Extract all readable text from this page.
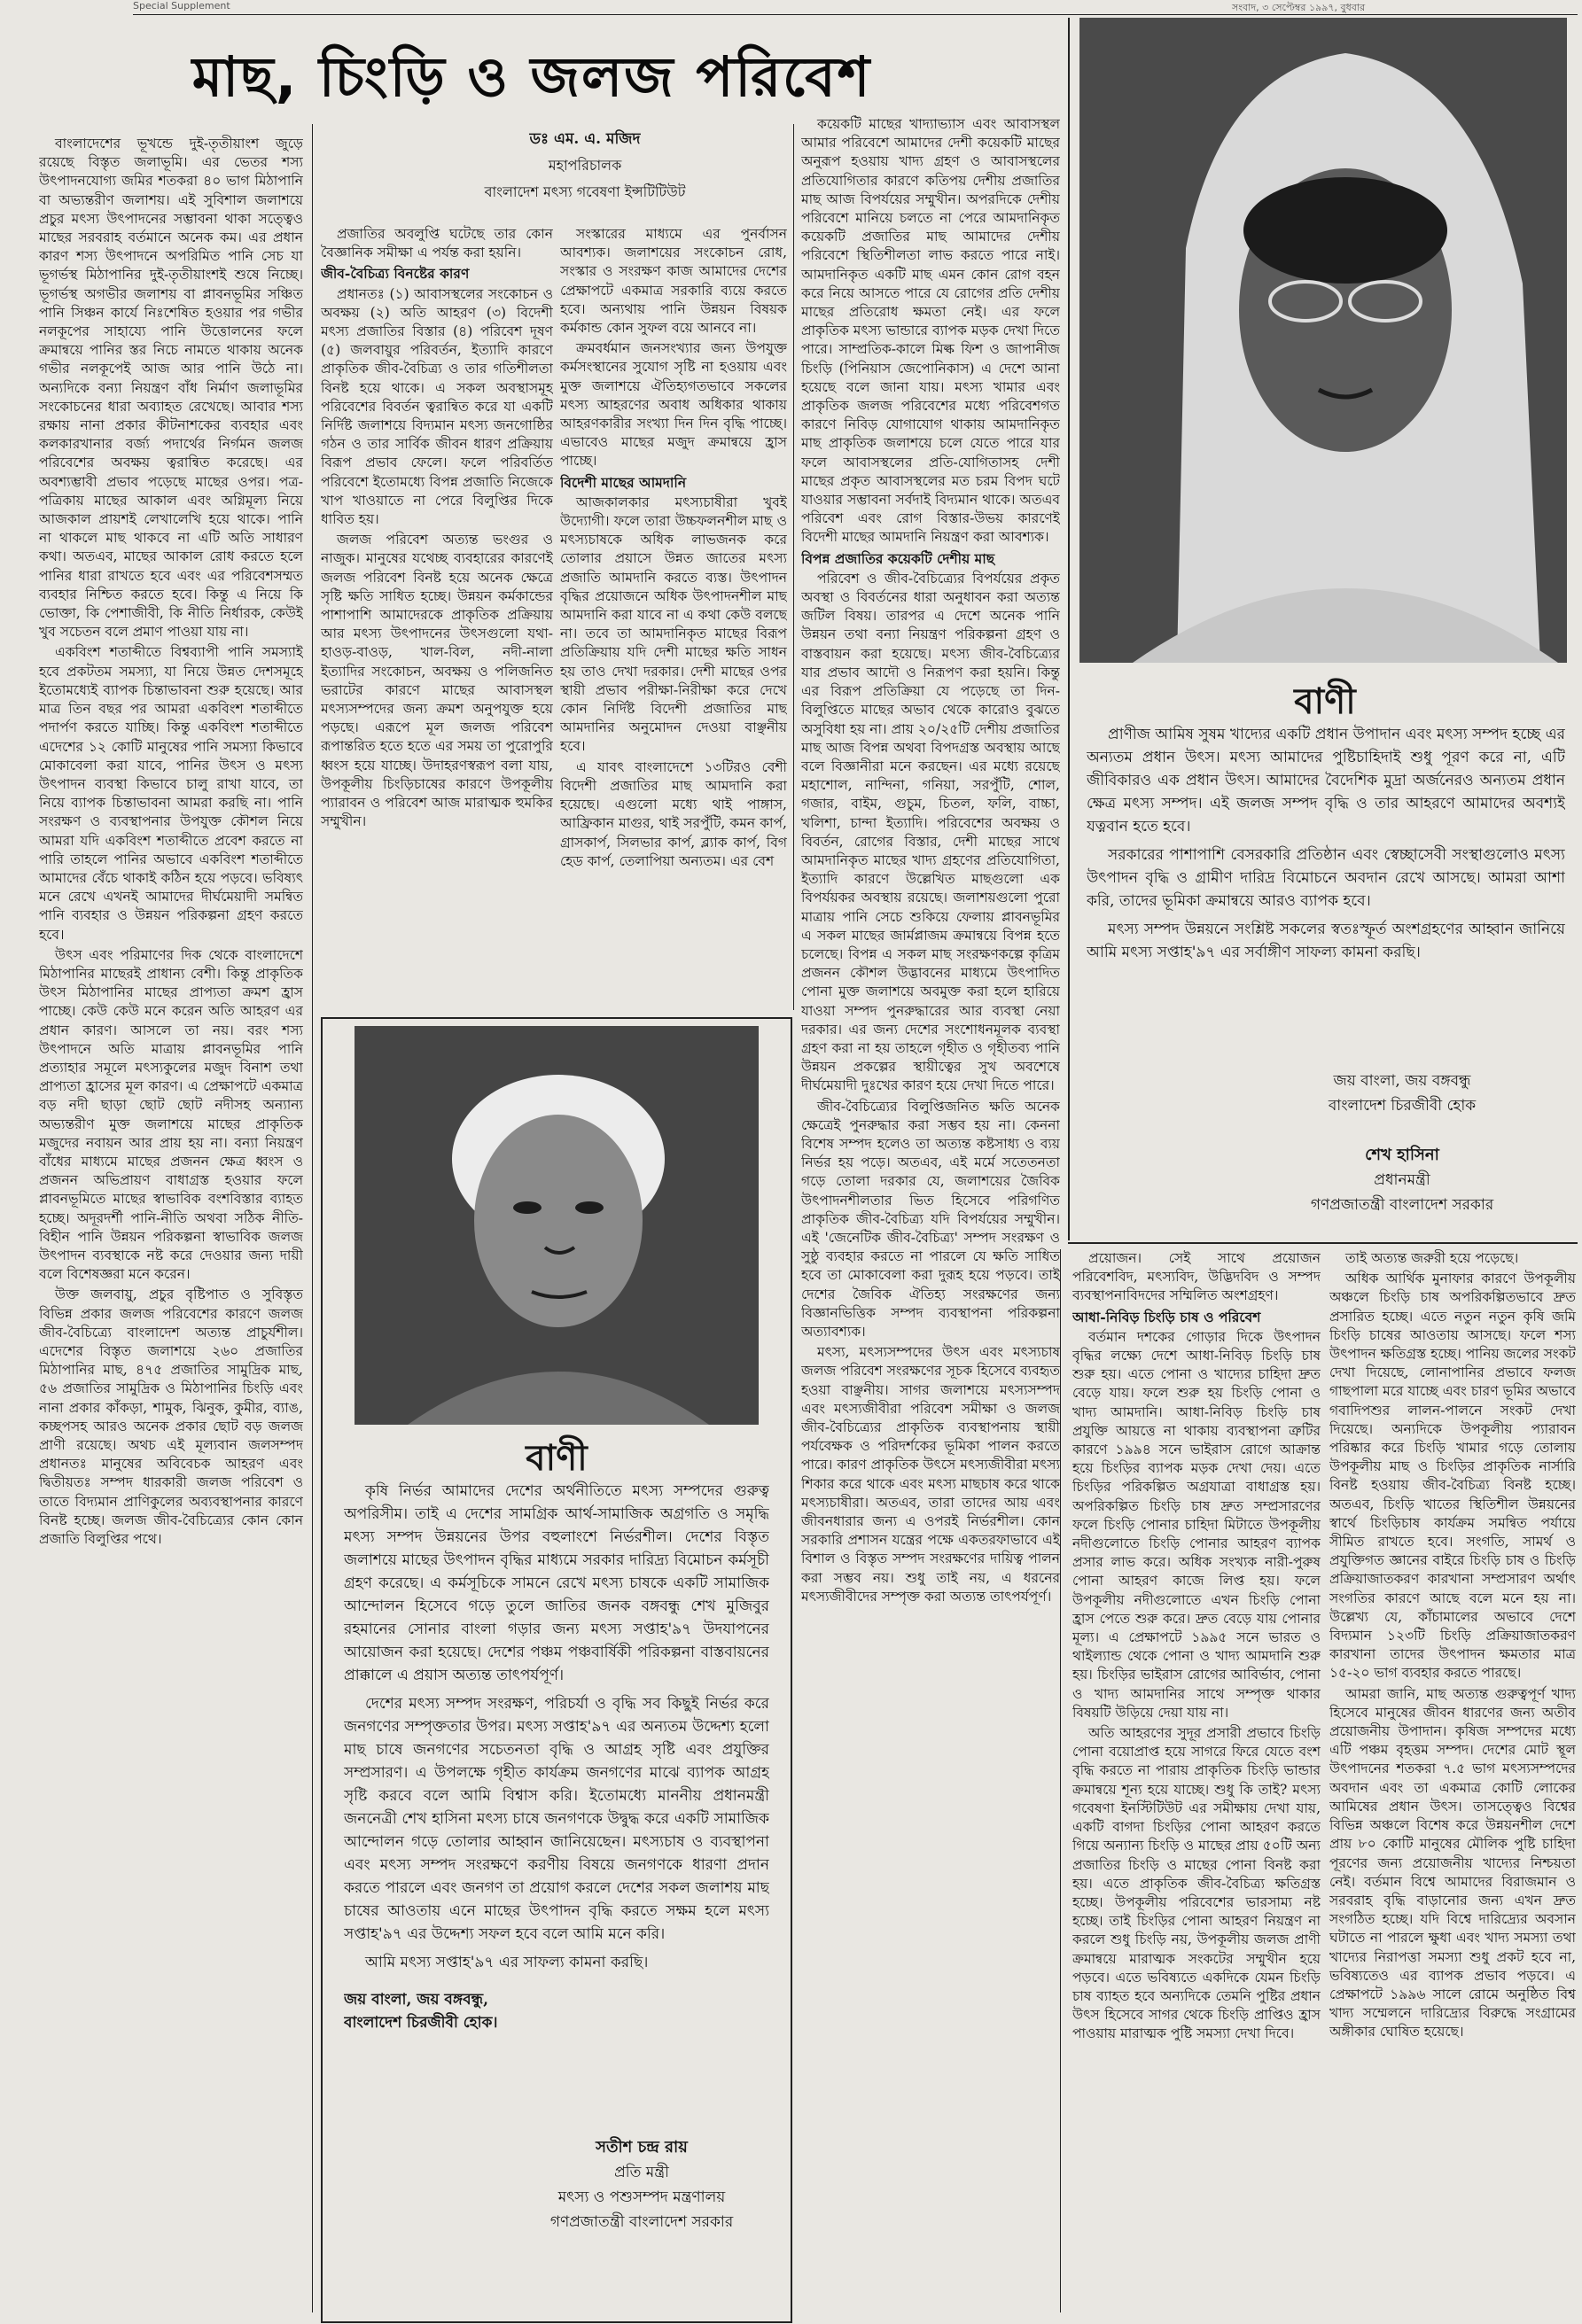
Special Supplement	সংবাদ, ৩ সেপ্টেম্বর ১৯৯৭, বুধবার
মাছ, চিংড়ি ও জলজ পরিবেশ
ডঃ এম. এ. মজিদ
মহাপরিচালক
বাংলাদেশ মৎস্য গবেষণা ইন্সটিটিউট

বাংলাদেশের ভূখন্ডে দুই-তৃতীয়াংশ জুড়ে রয়েছে বিস্তৃত জলাভূমি। এর ভেতর শস্য উৎপাদনযোগ্য জমির শতকরা ৪০ ভাগ মিঠাপানি বা অভ্যন্তরীণ জলাশয়। এই সুবিশাল জলাশয়ে প্রচুর মৎস্য উৎপাদনের সম্ভাবনা থাকা সত্ত্বেও মাছের সরবরাহ বর্তমানে অনেক কম। এর প্রধান কারণ শস্য উৎপাদনে অপরিমিত পানি সেচ যা ভূগর্ভস্থ মিঠাপানির দুই-তৃতীয়াংশই শুষে নিচ্ছে। ভূগর্ভস্থ অগভীর জলাশয় বা প্লাবনভূমির সঞ্চিত পানি সিঞ্চন কার্যে নিঃশেষিত হওয়ার পর গভীর নলকূপের সাহায্যে পানি উত্তোলনের ফলে ক্রমান্বয়ে পানির স্তর নিচে নামতে থাকায় অনেক গভীর নলকূপেই আজ আর পানি উঠে না। অন্যদিকে বন্যা নিয়ন্ত্রণ বাঁধ নির্মাণ জলাভূমির সংকোচনের ধারা অব্যাহত রেখেছে। আবার শস্য রক্ষায় নানা প্রকার কীটনাশকের ব্যবহার এবং কলকারখানার বর্জ্য পদার্থের নির্গমন জলজ পরিবেশের অবক্ষয় ত্বরান্বিত করেছে। এর অবশ্যম্ভাবী প্রভাব পড়েছে মাছের ওপর। পত্র-পত্রিকায় মাছের আকাল এবং অগ্নিমূল্য নিয়ে আজকাল প্রায়শই লেখালেখি হয়ে থাকে। পানি না থাকলে মাছ থাকবে না এটি অতি সাধারণ কথা। অতএব, মাছের আকাল রোধ করতে হলে পানির ধারা রাখতে হবে এবং এর পরিবেশসম্মত ব্যবহার নিশ্চিত করতে হবে। কিন্তু এ নিয়ে কি ভোক্তা, কি পেশাজীবী, কি নীতি নির্ধারক, কেউই খুব সচেতন বলে প্রমাণ পাওয়া যায় না।

একবিংশ শতাব্দীতে বিশ্বব্যাপী পানি সমস্যাই হবে প্রকটতম সমস্যা, যা নিয়ে উন্নত দেশসমূহে ইতোমধ্যেই ব্যাপক চিন্তাভাবনা শুরু হয়েছে। আর মাত্র তিন বছর পর আমরা একবিংশ শতাব্দীতে পদার্পণ করতে যাচ্ছি। কিন্তু একবিংশ শতাব্দীতে এদেশের ১২ কোটি মানুষের পানি সমস্যা কিভাবে মোকাবেলা করা যাবে, পানির উৎস ও মৎস্য উৎপাদন ব্যবস্থা কিভাবে চালু রাখা যাবে, তা নিয়ে ব্যাপক চিন্তাভাবনা আমরা করছি না। পানি সংরক্ষণ ও ব্যবস্থাপনার উপযুক্ত কৌশল নিয়ে আমরা যদি একবিংশ শতাব্দীতে প্রবেশ করতে না পারি তাহলে পানির অভাবে একবিংশ শতাব্দীতে আমাদের বেঁচে থাকাই কঠিন হয়ে পড়বে। ভবিষ্যৎ মনে রেখে এখনই আমাদের দীর্ঘমেয়াদী সমন্বিত পানি ব্যবহার ও উন্নয়ন পরিকল্পনা গ্রহণ করতে হবে।

উৎস এবং পরিমাণের দিক থেকে বাংলাদেশে মিঠাপানির মাছেরই প্রাধান্য বেশী। কিন্তু প্রাকৃতিক উৎস মিঠাপানির মাছের প্রাপ্যতা ক্রমশ হ্রাস পাচ্ছে। কেউ কেউ মনে করেন অতি আহরণ এর প্রধান কারণ। আসলে তা নয়। বরং শস্য উৎপাদনে অতি মাত্রায় প্লাবনভূমির পানি প্রত্যাহার সমূলে মৎস্যকুলের মজুদ বিনাশ তথা প্রাপ্যতা হ্রাসের মূল কারণ। এ প্রেক্ষাপটে একমাত্র বড় নদী ছাড়া ছোট ছোট নদীসহ অন্যান্য অভ্যন্তরীণ মুক্ত জলাশয়ে মাছের প্রাকৃতিক মজুদের নবায়ন আর প্রায় হয় না। বন্যা নিয়ন্ত্রণ বাঁধের মাধ্যমে মাছের প্রজনন ক্ষেত্র ধ্বংস ও প্রজনন অভিপ্রায়ণ বাধাগ্রস্ত হওয়ার ফলে প্লাবনভূমিতে মাছের স্বাভাবিক বংশবিস্তার ব্যাহত হচ্ছে। অদূরদর্শী পানি-নীতি অথবা সঠিক নীতি-বিহীন পানি উন্নয়ন পরিকল্পনা স্বাভাবিক জলজ উৎপাদন ব্যবস্থাকে নষ্ট করে দেওয়ার জন্য দায়ী বলে বিশেষজ্ঞরা মনে করেন।

উক্ত জলবায়ু, প্রচুর বৃষ্টিপাত ও সুবিস্তৃত বিভিন্ন প্রকার জলজ পরিবেশের কারণে জলজ জীব-বৈচিত্র্যে বাংলাদেশ অত্যন্ত প্রাচুর্যশীল। এদেশের বিস্তৃত জলাশয়ে ২৬০ প্রজাতির মিঠাপানির মাছ, ৪৭৫ প্রজাতির সামুদ্রিক মাছ, ৫৬ প্রজাতির সামুদ্রিক ও মিঠাপানির চিংড়ি এবং নানা প্রকার কাঁকড়া, শামুক, ঝিনুক, কুমীর, ব্যাঙ, কচ্ছপসহ আরও অনেক প্রকার ছোট বড় জলজ প্রাণী রয়েছে। অথচ এই মূল্যবান জলসম্পদ প্রধানতঃ মানুষের অবিবেচক আহরণ এবং দ্বিতীয়তঃ সম্পদ ধারকারী জলজ পরিবেশ ও তাতে বিদ্যমান প্রাণিকুলের অব্যবস্থাপনার কারণে বিনষ্ট হচ্ছে। জলজ জীব-বৈচিত্র্যের কোন কোন প্রজাতি বিলুপ্তির পথে।

প্রজাতির অবলুপ্তি ঘটেছে তার কোন বৈজ্ঞানিক সমীক্ষা এ পর্যন্ত করা হয়নি।

জীব-বৈচিত্র্য বিনষ্টের কারণ

প্রধানতঃ (১) আবাসস্থলের সংকোচন ও অবক্ষয় (২) অতি আহরণ (৩) বিদেশী মৎস্য প্রজাতির বিস্তার (৪) পরিবেশ দূষণ (৫) জলবায়ুর পরিবর্তন, ইত্যাদি কারণে প্রাকৃতিক জীব-বৈচিত্র্য ও তার গতিশীলতা বিনষ্ট হয়ে থাকে। এ সকল অবস্থাসমূহ পরিবেশের বিবর্তন ত্বরান্বিত করে যা একটি নির্দিষ্ট জলাশয়ে বিদ্যমান মৎস্য জনগোষ্ঠির গঠন ও তার সার্বিক জীবন ধারণ প্রক্রিয়ায় বিরূপ প্রভাব ফেলে। ফলে পরিবর্তিত পরিবেশে ইতোমধ্যে বিপন্ন প্রজাতি নিজেকে খাপ খাওয়াতে না পেরে বিলুপ্তির দিকে ধাবিত হয়।

জলজ পরিবেশ অত্যন্ত ভংগুর ও নাজুক। মানুষের যথেচ্ছ ব্যবহারের কারণেই জলজ পরিবেশ বিনষ্ট হয়ে অনেক ক্ষেত্রে সৃষ্টি ক্ষতি সাধিত হচ্ছে। উন্নয়ন কর্মকান্ডের পাশাপাশি আমাদেরকে প্রাকৃতিক প্রক্রিয়ায় আর মৎস্য উৎপাদনের উৎসগুলো যথা-হাওড়-বাওড়, খাল-বিল, নদী-নালা ইত্যাদির সংকোচন, অবক্ষয় ও পলিজনিত ভরাটের কারণে মাছের আবাসস্থল মৎস্যসম্পদের জন্য ক্রমশ অনুপযুক্ত হয়ে পড়ছে। এরূপে মূল জলজ পরিবেশ রূপান্তরিত হতে হতে এর সময় তা পুরোপুরি ধ্বংস হয়ে যাচ্ছে। উদাহরণস্বরূপ বলা যায়, উপকূলীয় চিংড়িচাষের কারণে উপকূলীয় প্যারাবন ও পরিবেশ আজ মারাত্মক হুমকির সম্মুখীন।

সংস্কারের মাধ্যমে এর পুনর্বাসন আবশ্যক। জলাশয়ের সংকোচন রোধ, সংস্কার ও সংরক্ষণ কাজ আমাদের দেশের প্রেক্ষাপটে একমাত্র সরকারি ব্যয়ে করতে হবে। অন্যথায় পানি উন্নয়ন বিষয়ক কর্মকান্ড কোন সুফল বয়ে আনবে না।

ক্রমবর্ধমান জনসংখ্যার জন্য উপযুক্ত কর্মসংস্থানের সুযোগ সৃষ্টি না হওয়ায় এবং মুক্ত জলাশয়ে ঐতিহ্যগতভাবে সকলের মৎস্য আহরণের অবাধ অধিকার থাকায় আহরণকারীর সংখ্যা দিন দিন বৃদ্ধি পাচ্ছে। এভাবেও মাছের মজুদ ক্রমান্বয়ে হ্রাস পাচ্ছে।

বিদেশী মাছের আমদানি

আজকালকার মৎস্যচাষীরা খুবই উদ্যোগী। ফলে তারা উচ্চফলনশীল মাছ ও মৎস্যচাষকে অধিক লাভজনক করে তোলার প্রয়াসে উন্নত জাতের মৎস্য প্রজাতি আমদানি করতে ব্যস্ত। উৎপাদন বৃদ্ধির প্রয়োজনে অধিক উৎপাদনশীল মাছ আমদানি করা যাবে না এ কথা কেউ বলছে না। তবে তা আমদানিকৃত মাছের বিরূপ প্রতিক্রিয়ায় যদি দেশী মাছের ক্ষতি সাধন হয় তাও দেখা দরকার। দেশী মাছের ওপর স্থায়ী প্রভাব পরীক্ষা-নিরীক্ষা করে দেখে কোন নির্দিষ্ট বিদেশী প্রজাতির মাছ আমদানির অনুমোদন দেওয়া বাঞ্ছনীয় হবে।

এ যাবৎ বাংলাদেশে ১৩টিরও বেশী বিদেশী প্রজাতির মাছ আমদানি করা হয়েছে। এগুলো মধ্যে থাই পাঙ্গাস, আফ্রিকান মাগুর, থাই সরপুঁটি, কমন কার্প, গ্রাসকার্প, সিলভার কার্প, ব্ল্যাক কার্প, বিগ হেড কার্প, তেলাপিয়া অন্যতম। এর বেশ

কয়েকটি মাছের খাদ্যাভ্যাস এবং আবাসস্থল আমার পরিবেশে আমাদের দেশী কয়েকটি মাছের অনুরূপ হওয়ায় খাদ্য গ্রহণ ও আবাসস্থলের প্রতিযোগিতার কারণে কতিপয় দেশীয় প্রজাতির মাছ আজ বিপর্যয়ের সম্মুখীন। অপরদিকে দেশীয় পরিবেশে মানিয়ে চলতে না পেরে আমদানিকৃত কয়েকটি প্রজাতির মাছ আমাদের দেশীয় পরিবেশে স্থিতিশীলতা লাভ করতে পারে নাই। আমদানিকৃত একটি মাছ এমন কোন রোগ বহন করে নিয়ে আসতে পারে যে রোগের প্রতি দেশীয় মাছের প্রতিরোধ ক্ষমতা নেই। এর ফলে প্রাকৃতিক মৎস্য ভান্ডারে ব্যাপক মড়ক দেখা দিতে পারে। সাম্প্রতিক-কালে মিল্ক ফিশ ও জাপানীজ চিংড়ি (পিনিয়াস জেপোনিকাস) এ দেশে আনা হয়েছে বলে জানা যায়। মৎস্য খামার এবং প্রাকৃতিক জলজ পরিবেশের মধ্যে পরিবেশগত কারণে নিবিড় যোগাযোগ থাকায় আমদানিকৃত মাছ প্রাকৃতিক জলাশয়ে চলে যেতে পারে যার ফলে আবাসস্থলের প্রতি-যোগিতাসহ দেশী মাছের প্রকৃত আবাসস্থলের মত চরম বিপদ ঘটে যাওয়ার সম্ভাবনা সর্বদাই বিদ্যমান থাকে। অতএব পরিবেশ এবং রোগ বিস্তার-উভয় কারণেই বিদেশী মাছের আমদানি নিয়ন্ত্রণ করা আবশ্যক।

বিপন্ন প্রজাতির কয়েকটি দেশীয় মাছ

পরিবেশ ও জীব-বৈচিত্র্যের বিপর্যয়ের প্রকৃত অবস্থা ও বিবর্তনের ধারা অনুধাবন করা অত্যন্ত জটিল বিষয়। তারপর এ দেশে অনেক পানি উন্নয়ন তথা বন্যা নিয়ন্ত্রণ পরিকল্পনা গ্রহণ ও বাস্তবায়ন করা হয়েছে। মৎস্য জীব-বৈচিত্র্যের যার প্রভাব আদৌ ও নিরূপণ করা হয়নি। কিন্তু এর বিরূপ প্রতিক্রিয়া যে পড়েছে তা দিন-বিলুপ্তিতে মাছের অভাব থেকে কারোও বুঝতে অসুবিধা হয় না। প্রায় ২০/২৫টি দেশীয় প্রজাতির মাছ আজ বিপন্ন অথবা বিপদগ্রস্ত অবস্থায় আছে বলে বিজ্ঞানীরা মনে করছেন। এর মধ্যে রয়েছে মহাশোল, নান্দিনা, গনিয়া, সরপুঁটি, শোল, গজার, বাইম, গুচুম, চিতল, ফলি, বাচ্চা, খলিশা, চান্দা ইত্যাদি। পরিবেশের অবক্ষয় ও বিবর্তন, রোগের বিস্তার, দেশী মাছের সাথে আমদানিকৃত মাছের খাদ্য গ্রহণের প্রতিযোগিতা, ইত্যাদি কারণে উল্লেখিত মাছগুলো এক বিপর্যয়কর অবস্থায় রয়েছে। জলাশয়গুলো পুরো মাত্রায় পানি সেচে শুকিয়ে ফেলায় প্লাবনভূমির এ সকল মাছের জার্মপ্লাজম ক্রমান্বয়ে বিপন্ন হতে চলেছে। বিপন্ন এ সকল মাছ সংরক্ষণকল্পে কৃত্রিম প্রজনন কৌশল উদ্ভাবনের মাধ্যমে উৎপাদিত পোনা মুক্ত জলাশয়ে অবমুক্ত করা হলে হারিয়ে যাওয়া সম্পদ পুনরুদ্ধারের আর ব্যবস্থা নেয়া দরকার। এর জন্য দেশের সংশোধনমূলক ব্যবস্থা গ্রহণ করা না হয় তাহলে গৃহীত ও গৃহীতব্য পানি উন্নয়ন প্রকল্পের স্থায়ীত্বের সুখ অবশেষে দীর্ঘমেয়াদী দুঃখের কারণ হয়ে দেখা দিতে পারে।

জীব-বৈচিত্র্যের বিলুপ্তিজনিত ক্ষতি অনেক ক্ষেত্রেই পুনরুদ্ধার করা সম্ভব হয় না। কেননা বিশেষ সম্পদ হলেও তা অত্যন্ত কষ্টসাধ্য ও ব্যয় নির্ভর হয় পড়ে। অতএব, এই মর্মে সতেতনতা গড়ে তোলা দরকার যে, জলাশয়ের জৈবিক উৎপাদনশীলতার ভিত হিসেবে পরিগণিত প্রাকৃতিক জীব-বৈচিত্র্য যদি বিপর্যয়ের সম্মুখীন। এই 'জেনেটিক জীব-বৈচিত্র্য' সম্পদ সংরক্ষণ ও সুষ্ঠু ব্যবহার করতে না পারলে যে ক্ষতি সাধিত হবে তা মোকাবেলা করা দুরূহ হয়ে পড়বে। তাই দেশের জৈবিক ঐতিহ্য সংরক্ষণের জন্য বিজ্ঞানভিত্তিক সম্পদ ব্যবস্থাপনা পরিকল্পনা অত্যাবশ্যক।

মৎস্য, মৎস্যসম্পদের উৎস এবং মৎস্যচাষ জলজ পরিবেশ সংরক্ষণের সূচক হিসেবে ব্যবহৃত হওয়া বাঞ্ছনীয়। সাগর জলাশয়ে মৎস্যসম্পদ এবং মৎস্যজীবীরা পরিবেশ সমীক্ষা ও জলজ জীব-বৈচিত্র্যের প্রাকৃতিক ব্যবস্থাপনায় স্থায়ী পর্যবেক্ষক ও পরিদর্শকের ভূমিকা পালন করতে পারে। কারণ প্রাকৃতিক উৎসে মৎস্যজীবীরা মৎস্য শিকার করে থাকে এবং মৎস্য মাছচাষ করে থাকে মৎস্যচাষীরা। অতএব, তারা তাদের আয় এবং জীবনধারার জন্য এ ওপরই নির্ভরশীল। কোন সরকারি প্রশাসন যন্ত্রের পক্ষে একতরফাভাবে এই বিশাল ও বিস্তৃত সম্পদ সংরক্ষণের দায়িত্ব পালন করা সম্ভব নয়। শুধু তাই নয়, এ ধরনের মৎস্যজীবীদের সম্পৃক্ত করা অত্যন্ত তাৎপর্যপূর্ণ।

প্রয়োজন। সেই সাথে প্রয়োজন পরিবেশবিদ, মৎস্যবিদ, উদ্ভিদবিদ ও সম্পদ ব্যবস্থাপনাবিদদের সম্মিলিত অংশগ্রহণ।

আধা-নিবিড় চিংড়ি চাষ ও পরিবেশ

বর্তমান দশকের গোড়ার দিকে উৎপাদন বৃদ্ধির লক্ষ্যে দেশে আধা-নিবিড় চিংড়ি চাষ শুরু হয়। এতে পোনা ও খাদ্যের চাহিদা দ্রুত বেড়ে যায়। ফলে শুরু হয় চিংড়ি পোনা ও খাদ্য আমদানি। আধা-নিবিড় চিংড়ি চাষ প্রযুক্তি আয়ত্তে না থাকায় ব্যবস্থাপনা ত্রুটির কারণে ১৯৯৪ সনে ভাইরাস রোগে আক্রান্ত হয়ে চিংড়ির ব্যাপক মড়ক দেখা দেয়। এতে চিংড়ির পরিকল্পিত অগ্রযাত্রা বাধাগ্রস্ত হয়। অপরিকল্পিত চিংড়ি চাষ দ্রুত সম্প্রসারণের ফলে চিংড়ি পোনার চাহিদা মিটাতে উপকূলীয় নদীগুলোতে চিংড়ি পোনার আহরণ ব্যাপক প্রসার লাভ করে। অধিক সংখ্যক নারী-পুরুষ পোনা আহরণ কাজে লিপ্ত হয়। ফলে উপকূলীয় নদীগুলোতে এখন চিংড়ি পোনা হ্রাস পেতে শুরু করে। দ্রুত বেড়ে যায় পোনার মূল্য। এ প্রেক্ষাপটে ১৯৯৫ সনে ভারত ও থাইল্যান্ড থেকে পোনা ও খাদ্য আমদানি শুরু হয়। চিংড়ির ভাইরাস রোগের আবির্ভাব, পোনা ও খাদ্য আমদানির সাথে সম্পৃক্ত থাকার বিষয়টি উড়িয়ে দেয়া যায় না।

অতি আহরণের সুদূর প্রসারী প্রভাবে চিংড়ি পোনা বয়োপ্রাপ্ত হয়ে সাগরে ফিরে যেতে বংশ বৃদ্ধি করতে না পারায় প্রাকৃতিক চিংড়ি ভান্ডার ক্রমান্বয়ে শূন্য হয়ে যাচ্ছে। শুধু কি তাই? মৎস্য গবেষণা ইনস্টিটিউট এর সমীক্ষায় দেখা যায়, একটি বাগদা চিংড়ির পোনা আহরণ করতে গিয়ে অন্যান্য চিংড়ি ও মাছের প্রায় ৫০টি অন্য প্রজাতির চিংড়ি ও মাছের পোনা বিনষ্ট করা হয়। এতে প্রাকৃতিক জীব-বৈচিত্র্য ক্ষতিগ্রস্ত হচ্ছে। উপকূলীয় পরিবেশের ভারসাম্য নষ্ট হচ্ছে। তাই চিংড়ির পোনা আহরণ নিয়ন্ত্রণ না করলে শুধু চিংড়ি নয়, উপকূলীয় জলজ প্রাণী ক্রমান্বয়ে মারাত্মক সংকটের সম্মুখীন হয়ে পড়বে। এতে ভবিষ্যতে একদিকে যেমন চিংড়ি চাষ ব্যাহত হবে অন্যদিকে তেমনি পুষ্টির প্রধান উৎস হিসেবে সাগর থেকে চিংড়ি প্রাপ্তিও হ্রাস পাওয়ায় মারাত্মক পুষ্টি সমস্যা দেখা দিবে।

তাই অত্যন্ত জরুরী হয়ে পড়েছে।

অধিক আর্থিক মুনাফার কারণে উপকূলীয় অঞ্চলে চিংড়ি চাষ অপরিকল্পিতভাবে দ্রুত প্রসারিত হচ্ছে। এতে নতুন নতুন কৃষি জমি চিংড়ি চাষের আওতায় আসছে। ফলে শস্য উৎপাদন ক্ষতিগ্রস্ত হচ্ছে। পানিয় জলের সংকট দেখা দিয়েছে, লোনাপানির প্রভাবে ফলজ গাছপালা মরে যাচ্ছে এবং চারণ ভূমির অভাবে গবাদিপশুর লালন-পালনে সংকট দেখা দিয়েছে। অন্যদিকে উপকূলীয় প্যারাবন পরিষ্কার করে চিংড়ি খামার গড়ে তোলায় উপকূলীয় মাছ ও চিংড়ির প্রাকৃতিক নার্সারি বিনষ্ট হওয়ায় জীব-বৈচিত্র্য বিনষ্ট হচ্ছে। অতএব, চিংড়ি খাতের স্থিতিশীল উন্নয়নের স্বার্থে চিংড়িচাষ কার্যক্রম সমন্বিত পর্যায়ে সীমিত রাখতে হবে। সংগতি, সামর্থ ও প্রযুক্তিগত জ্ঞানের বাইরে চিংড়ি চাষ ও চিংড়ি প্রক্রিয়াজাতকরণ কারখানা সম্প্রসারণ অর্থাৎ সংগতির কারণে আছে বলে মনে হয় না। উল্লেখ্য যে, কাঁচামালের অভাবে দেশে বিদ্যমান ১২৩টি চিংড়ি প্রক্রিয়াজাতকরণ কারখানা তাদের উৎপাদন ক্ষমতার মাত্র ১৫-২০ ভাগ ব্যবহার করতে পারছে।

আমরা জানি, মাছ অত্যন্ত গুরুত্বপূর্ণ খাদ্য হিসেবে মানুষের জীবন ধারণের জন্য অতীব প্রয়োজনীয় উপাদান। কৃষিজ সম্পদের মধ্যে এটি পঞ্চম বৃহত্তম সম্পদ। দেশের মোট স্থূল উৎপাদনের শতকরা ৭.৫ ভাগ মৎস্যসম্পদের অবদান এবং তা একমাত্র কোটি লোকের আমিষের প্রধান উৎস। তাসত্ত্বেও বিশ্বের বিভিন্ন অঞ্চলে বিশেষ করে উন্নয়নশীল দেশে প্রায় ৮০ কোটি মানুষের মৌলিক পুষ্টি চাহিদা পূরণের জন্য প্রয়োজনীয় খাদ্যের নিশ্চয়তা নেই। বর্তমান বিশ্বে আমাদের বিরাজমান ও সরবরাহ বৃদ্ধি বাড়ানোর জন্য এখন দ্রুত সংগঠিত হচ্ছে। যদি বিশ্বে দারিদ্র্যের অবসান ঘটাতে না পারলে ক্ষুধা এবং খাদ্য সমস্যা তথা খাদ্যের নিরাপত্তা সমস্যা শুধু প্রকট হবে না, ভবিষ্যতেও এর ব্যাপক প্রভাব পড়বে। এ প্রেক্ষাপটে ১৯৯৬ সালে রোমে অনুষ্ঠিত বিশ্ব খাদ্য সম্মেলনে দারিদ্র্যের বিরুদ্ধে সংগ্রামের অঙ্গীকার ঘোষিত হয়েছে।

বাণী

কৃষি নির্ভর আমাদের দেশের অর্থনীতিতে মৎস্য সম্পদের গুরুত্ব অপরিসীম। তাই এ দেশের সামগ্রিক আর্থ-সামাজিক অগ্রগতি ও সমৃদ্ধি মৎস্য সম্পদ উন্নয়নের উপর বহুলাংশে নির্ভরশীল। দেশের বিস্তৃত জলাশয়ে মাছের উৎপাদন বৃদ্ধির মাধ্যমে সরকার দারিদ্র্য বিমোচন কর্মসূচী গ্রহণ করেছে। এ কর্মসূচিকে সামনে রেখে মৎস্য চাষকে একটি সামাজিক আন্দোলন হিসেবে গড়ে তুলে জাতির জনক বঙ্গবন্ধু শেখ মুজিবুর রহমানের সোনার বাংলা গড়ার জন্য মৎস্য সপ্তাহ'৯৭ উদযাপনের আয়োজন করা হয়েছে। দেশের পঞ্চম পঞ্চবার্ষিকী পরিকল্পনা বাস্তবায়নের প্রাক্কালে এ প্রয়াস অত্যন্ত তাৎপর্যপূর্ণ।

দেশের মৎস্য সম্পদ সংরক্ষণ, পরিচর্যা ও বৃদ্ধি সব কিছুই নির্ভর করে জনগণের সম্পৃক্ততার উপর। মৎস্য সপ্তাহ'৯৭ এর অন্যতম উদ্দেশ্য হলো মাছ চাষে জনগণের সচেতনতা বৃদ্ধি ও আগ্রহ সৃষ্টি এবং প্রযুক্তির সম্প্রসারণ। এ উপলক্ষে গৃহীত কার্যক্রম জনগণের মাঝে ব্যাপক আগ্রহ সৃষ্টি করবে বলে আমি বিশ্বাস করি। ইতোমধ্যে মাননীয় প্রধানমন্ত্রী জননেত্রী শেখ হাসিনা মৎস্য চাষে জনগণকে উদ্বুদ্ধ করে একটি সামাজিক আন্দোলন গড়ে তোলার আহ্বান জানিয়েছেন। মৎস্যচাষ ও ব্যবস্থাপনা এবং মৎস্য সম্পদ সংরক্ষণে করণীয় বিষয়ে জনগণকে ধারণা প্রদান করতে পারলে এবং জনগণ তা প্রয়োগ করলে দেশের সকল জলাশয় মাছ চাষের আওতায় এনে মাছের উৎপাদন বৃদ্ধি করতে সক্ষম হলে মৎস্য সপ্তাহ'৯৭ এর উদ্দেশ্য সফল হবে বলে আমি মনে করি।

আমি মৎস্য সপ্তাহ'৯৭ এর সাফল্য কামনা করছি।

জয় বাংলা, জয় বঙ্গবন্ধু,
বাংলাদেশ চিরজীবী হোক।
সতীশ চন্দ্র রায়
প্রতি মন্ত্রী
মৎস্য ও পশুসম্পদ মন্ত্রণালয়
গণপ্রজাতন্ত্রী বাংলাদেশ সরকার
বাণী

প্রাণীজ আমিষ সুষম খাদ্যের একটি প্রধান উপাদান এবং মৎস্য সম্পদ হচ্ছে এর অন্যতম প্রধান উৎস। মৎস্য আমাদের পুষ্টিচাহিদাই শুধু পূরণ করে না, এটি জীবিকারও এক প্রধান উৎস। আমাদের বৈদেশিক মুদ্রা অর্জনেরও অন্যতম প্রধান ক্ষেত্র মৎস্য সম্পদ। এই জলজ সম্পদ বৃদ্ধি ও তার আহরণে আমাদের অবশ্যই যত্নবান হতে হবে।

সরকারের পাশাপাশি বেসরকারি প্রতিষ্ঠান এবং স্বেচ্ছাসেবী সংস্থাগুলোও মৎস্য উৎপাদন বৃদ্ধি ও গ্রামীণ দারিদ্র বিমোচনে অবদান রেখে আসছে। আমরা আশা করি, তাদের ভূমিকা ক্রমান্বয়ে আরও ব্যাপক হবে।

মৎস্য সম্পদ উন্নয়নে সংশ্লিষ্ট সকলের স্বতঃস্ফূর্ত অংশগ্রহণের আহ্বান জানিয়ে আমি মৎস্য সপ্তাহ'৯৭ এর সর্বাঙ্গীণ সাফল্য কামনা করছি।

জয় বাংলা, জয় বঙ্গবন্ধু
বাংলাদেশ চিরজীবী হোক
শেখ হাসিনা
প্রধানমন্ত্রী
গণপ্রজাতন্ত্রী বাংলাদেশ সরকার
